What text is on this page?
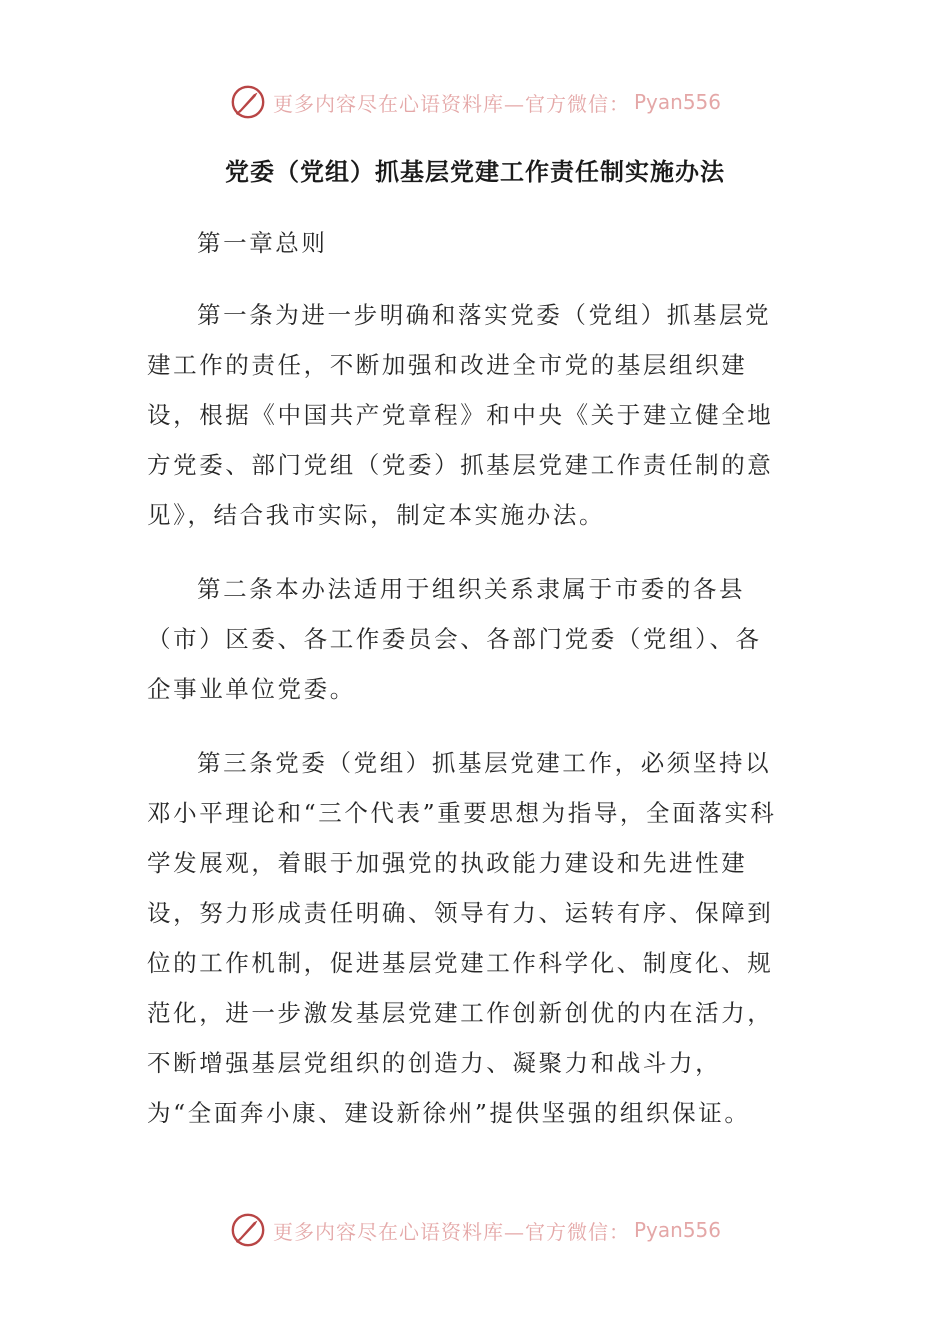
更多内容尽在心语资料库—官方微信： Pyan556
党委（党组）抓基层党建工作责任制实施办法

第一章总则

第一条为进一步明确和落实党委（党组）抓基层党建工作的责任，不断加强和改进全市党的基层组织建设，根据《中国共产党章程》和中央《关于建立健全地方党委、部门党组（党委）抓基层党建工作责任制的意见》，结合我市实际，制定本实施办法。

第二条本办法适用于组织关系隶属于市委的各县（市）区委、各工作委员会、各部门党委（党组）、各企事业单位党委。

第三条党委（党组）抓基层党建工作，必须坚持以邓小平理论和“三个代表”重要思想为指导，全面落实科学发展观，着眼于加强党的执政能力建设和先进性建设，努力形成责任明确、领导有力、运转有序、保障到位的工作机制，促进基层党建工作科学化、制度化、规范化，进一步激发基层党建工作创新创优的内在活力，不断增强基层党组织的创造力、凝聚力和战斗力，为“全面奔小康、建设新徐州”提供坚强的组织保证。

更多内容尽在心语资料库—官方微信： Pyan556
